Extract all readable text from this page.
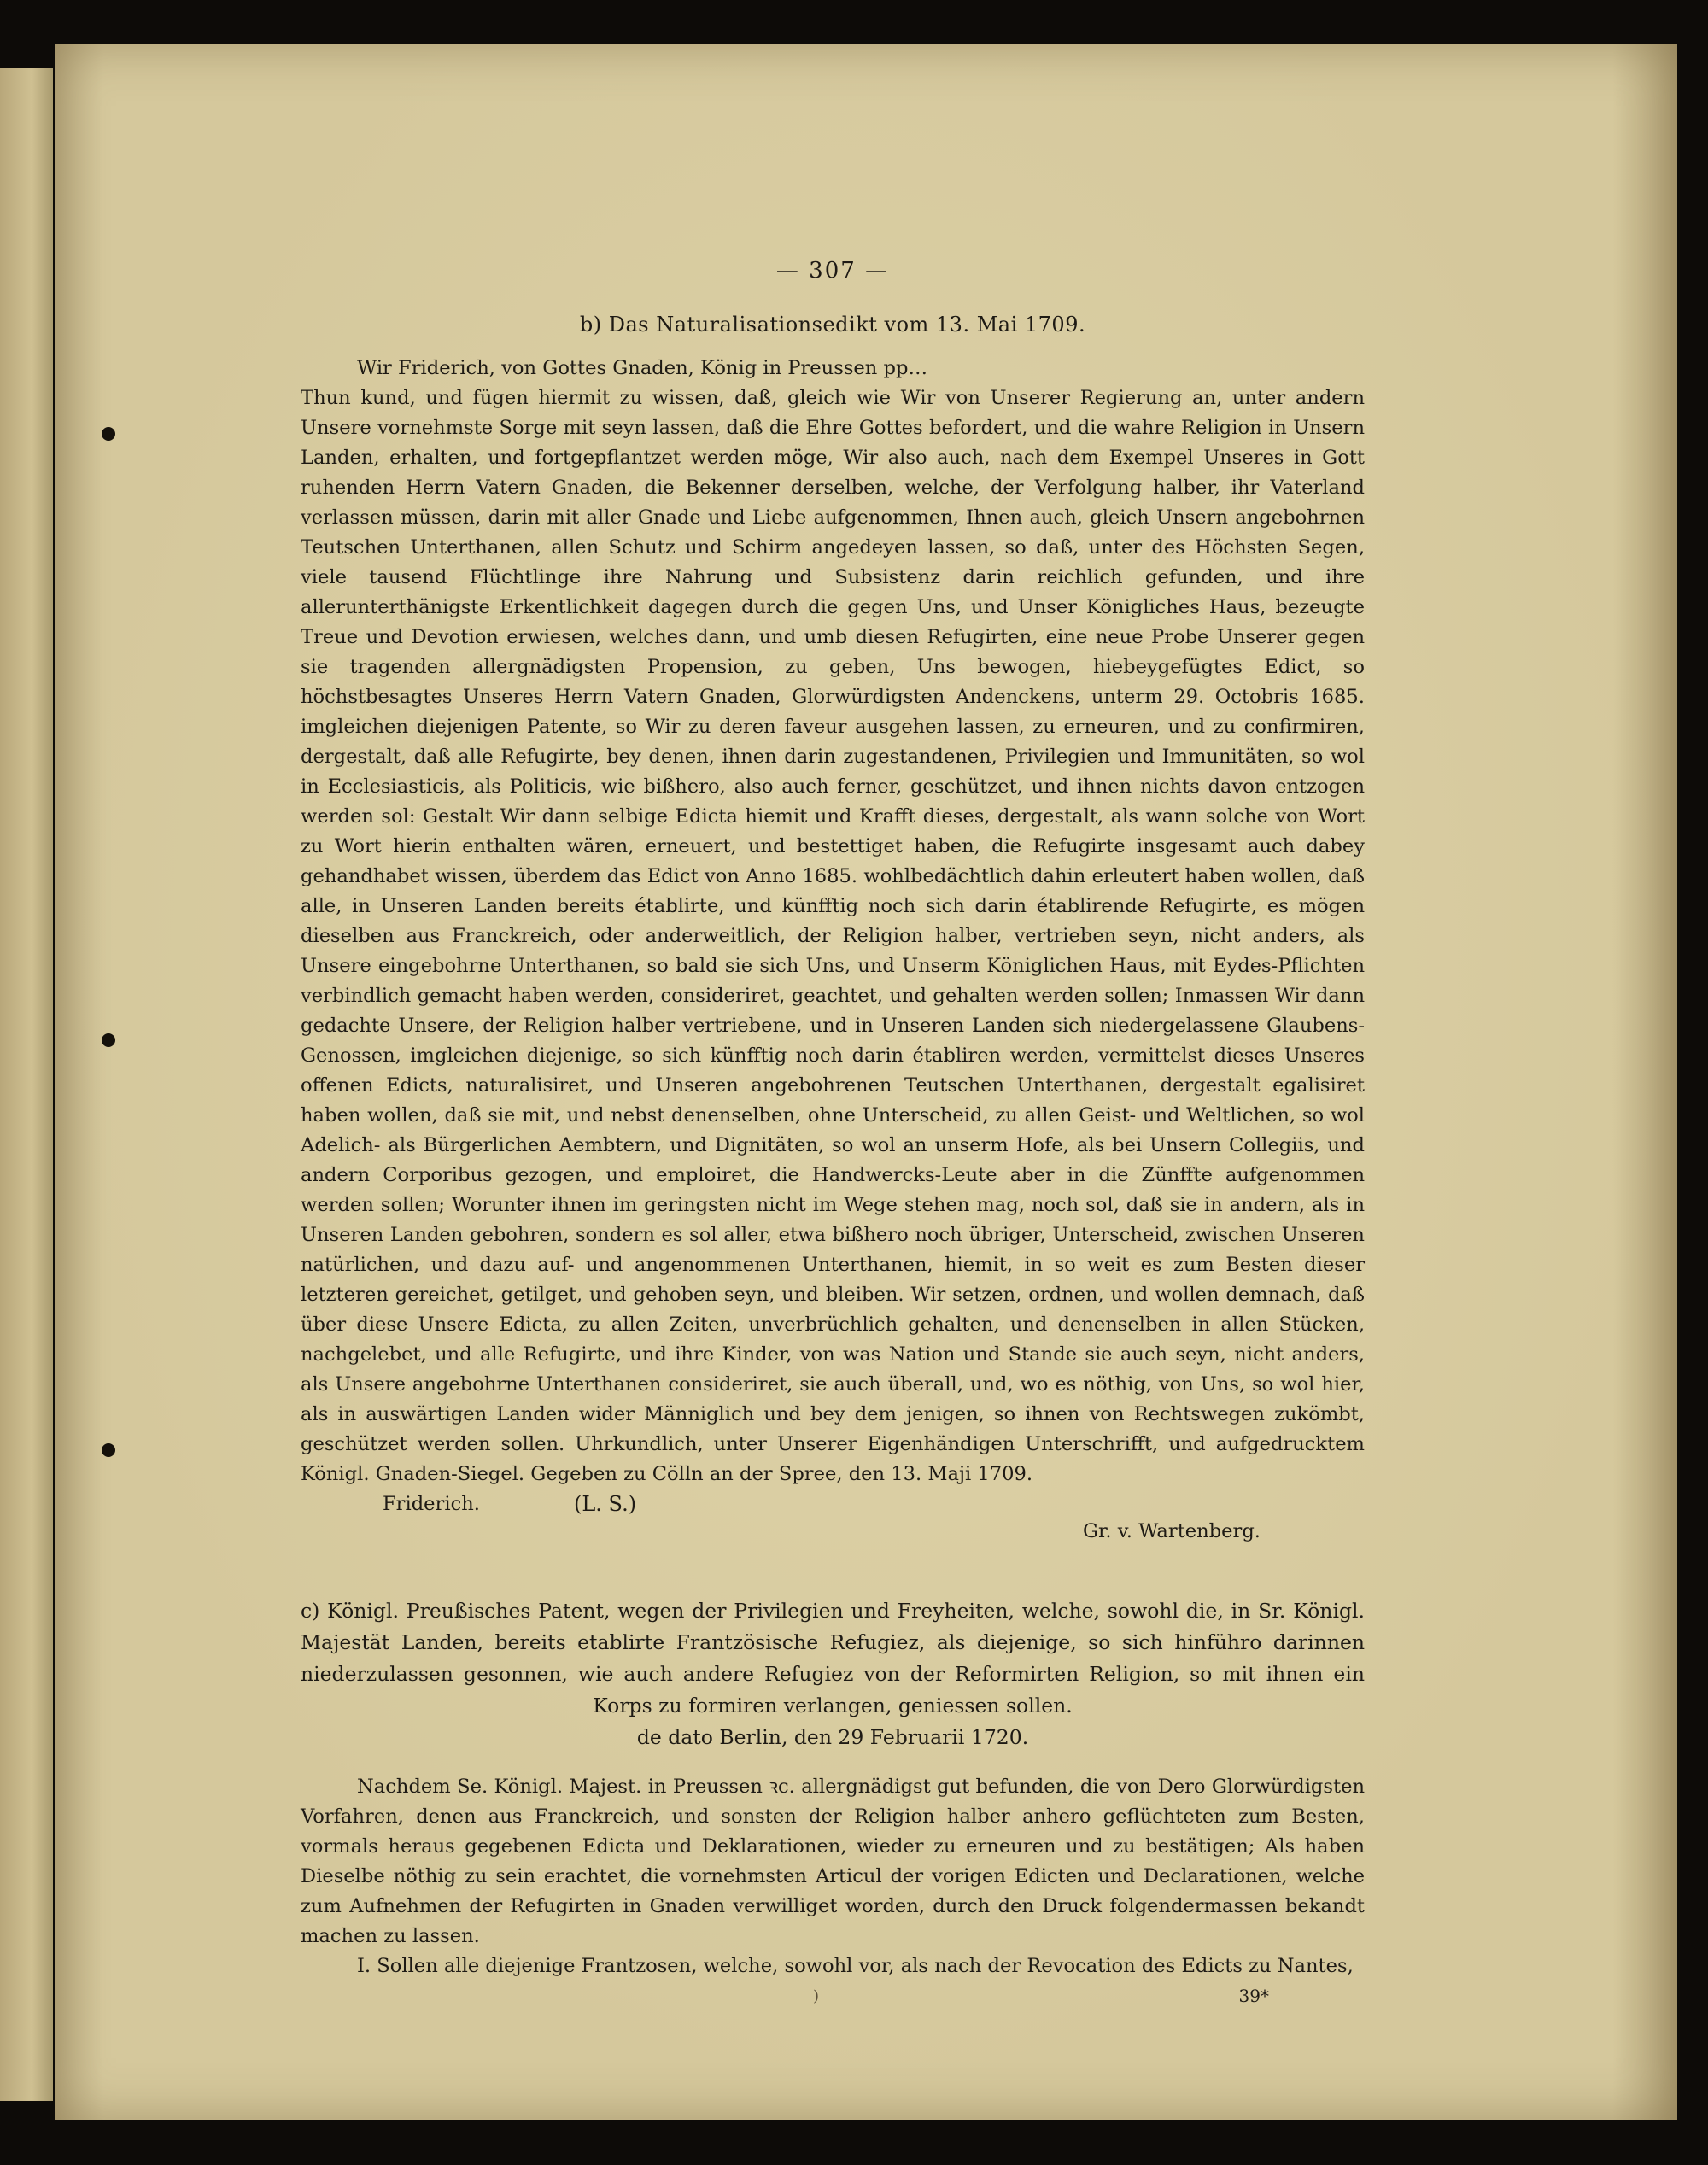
— 307 —
b) Das Naturalisationsedikt vom 13. Mai 1709.

Wir Friderich, von Gottes Gnaden, König in Preussen pp…

Thun kund, und fügen hiermit zu wissen, daß, gleich wie Wir von Unserer Regierung an, unter andern Unsere vornehmste Sorge mit seyn lassen, daß die Ehre Gottes befordert, und die wahre Religion in Unsern Landen, erhalten, und fortgepflantzet werden möge, Wir also auch, nach dem Exempel Unseres in Gott ruhenden Herrn Vatern Gnaden, die Bekenner derselben, welche, der Verfolgung halber, ihr Vaterland verlassen müssen, darin mit aller Gnade und Liebe aufgenommen, Ihnen auch, gleich Unsern angebohrnen Teutschen Unterthanen, allen Schutz und Schirm angedeyen lassen, so daß, unter des Höchsten Segen, viele tausend Flüchtlinge ihre Nahrung und Subsistenz darin reichlich gefunden, und ihre allerunterthänigste Erkentlichkeit dagegen durch die gegen Uns, und Unser Königliches Haus, bezeugte Treue und Devotion erwiesen, welches dann, und umb diesen Refugirten, eine neue Probe Unserer gegen sie tragenden allergnädigsten Propension, zu geben, Uns bewogen, hiebeygefügtes Edict, so höchstbesagtes Unseres Herrn Vatern Gnaden, Glorwürdigsten Andenckens, unterm 29. Octobris 1685. imgleichen diejenigen Patente, so Wir zu deren faveur ausgehen lassen, zu erneuren, und zu confirmiren, dergestalt, daß alle Refugirte, bey denen, ihnen darin zugestandenen, Privilegien und Immunitäten, so wol in Ecclesiasticis, als Politicis, wie bißhero, also auch ferner, geschützet, und ihnen nichts davon entzogen werden sol: Gestalt Wir dann selbige Edicta hiemit und Krafft dieses, dergestalt, als wann solche von Wort zu Wort hierin enthalten wären, erneuert, und bestettiget haben, die Refugirte insgesamt auch dabey gehandhabet wissen, überdem das Edict von Anno 1685. wohlbedächtlich dahin erleutert haben wollen, daß alle, in Unseren Landen bereits établirte, und künfftig noch sich darin établirende Refugirte, es mögen dieselben aus Franckreich, oder anderweitlich, der Religion halber, vertrieben seyn, nicht anders, als Unsere eingebohrne Unterthanen, so bald sie sich Uns, und Unserm Königlichen Haus, mit Eydes-Pflichten verbindlich gemacht haben werden, consideriret, geachtet, und gehalten werden sollen; Inmassen Wir dann gedachte Unsere, der Religion halber vertriebene, und in Unseren Landen sich niedergelassene Glaubens-Genossen, imgleichen diejenige, so sich künfftig noch darin établiren werden, vermittelst dieses Unseres offenen Edicts, naturalisiret, und Unseren angebohrenen Teutschen Unterthanen, dergestalt egalisiret haben wollen, daß sie mit, und nebst denenselben, ohne Unterscheid, zu allen Geist- und Weltlichen, so wol Adelich- als Bürgerlichen Aembtern, und Dignitäten, so wol an unserm Hofe, als bei Unsern Collegiis, und andern Corporibus gezogen, und emploiret, die Handwercks-Leute aber in die Zünffte aufgenommen werden sollen; Worunter ihnen im geringsten nicht im Wege stehen mag, noch sol, daß sie in andern, als in Unseren Landen gebohren, sondern es sol aller, etwa bißhero noch übriger, Unterscheid, zwischen Unseren natürlichen, und dazu auf- und angenommenen Unterthanen, hiemit, in so weit es zum Besten dieser letzteren gereichet, getilget, und gehoben seyn, und bleiben. Wir setzen, ordnen, und wollen demnach, daß über diese Unsere Edicta, zu allen Zeiten, unverbrüchlich gehalten, und denenselben in allen Stücken, nachgelebet, und alle Refugirte, und ihre Kinder, von was Nation und Stande sie auch seyn, nicht anders, als Unsere angebohrne Unterthanen consideriret, sie auch überall, und, wo es nöthig, von Uns, so wol hier, als in auswärtigen Landen wider Männiglich und bey dem jenigen, so ihnen von Rechtswegen zukömbt, geschützet werden sollen. Uhrkundlich, unter Unserer Eigenhändigen Unterschrifft, und aufgedrucktem Königl. Gnaden-Siegel. Gegeben zu Cölln an der Spree, den 13. Maji 1709.

Friderich.	(L. S.)
Gr. v. Wartenberg.
c) Königl. Preußisches Patent, wegen der Privilegien und Freyheiten, welche, sowohl die, in Sr. Königl. Majestät Landen, bereits etablirte Frantzösische Refugiez, als diejenige, so sich hinführo darinnen niederzulassen gesonnen, wie auch andere Refugiez von der Reformirten Religion, so mit ihnen ein Korps zu formiren verlangen, geniessen sollen.
de dato Berlin, den 29 Februarii 1720.

Nachdem Se. Königl. Majest. in Preussen ꝛc. allergnädigst gut befunden, die von Dero Glorwürdigsten Vorfahren, denen aus Franckreich, und sonsten der Religion halber anhero geflüchteten zum Besten, vormals heraus gegebenen Edicta und Deklarationen, wieder zu erneuren und zu bestätigen; Als haben Dieselbe nöthig zu sein erachtet, die vornehmsten Articul der vorigen Edicten und Declarationen, welche zum Aufnehmen der Refugirten in Gnaden verwilliget worden, durch den Druck folgendermassen bekandt machen zu lassen.

I. Sollen alle diejenige Frantzosen, welche, sowohl vor, als nach der Revocation des Edicts zu Nantes,

)	39*
